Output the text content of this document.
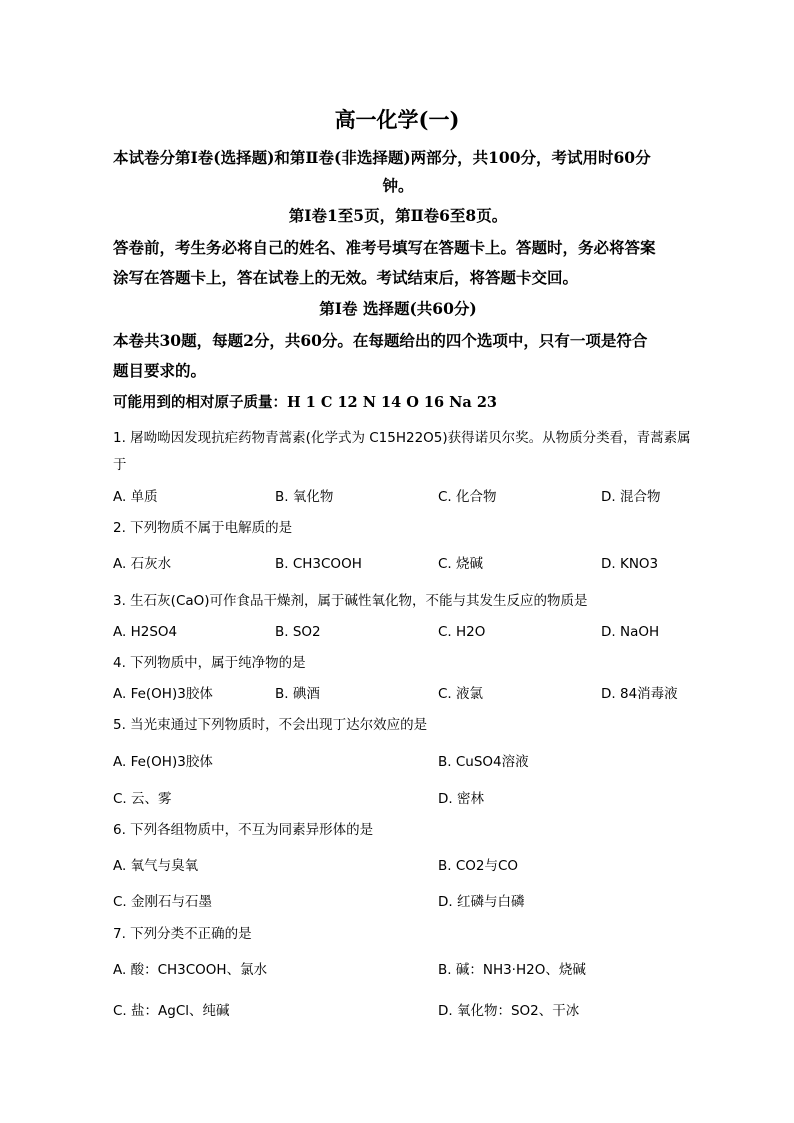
高一化学(一)
本试卷分第Ⅰ卷(选择题)和第Ⅱ卷(非选择题)两部分，共100分，考试用时60分
钟。
第Ⅰ卷1至5页，第Ⅱ卷6至8页。
答卷前，考生务必将自己的姓名、准考号填写在答题卡上。答题时，务必将答案
涂写在答题卡上，答在试卷上的无效。考试结束后，将答题卡交回。
第Ⅰ卷 选择题(共60分)
本卷共30题，每题2分，共60分。在每题给出的四个选项中，只有一项是符合
题目要求的。
可能用到的相对原子质量：H 1 C 12 N 14 O 16 Na 23
1. 屠呦呦因发现抗疟药物青蒿素(化学式为 C15H22O5)获得诺贝尔奖。从物质分类看，青蒿素属
于
A. 单质	B. 氧化物	C. 化合物	D. 混合物
2. 下列物质不属于电解质的是
A. 石灰水	B. CH3COOH	C. 烧碱	D. KNO3
3. 生石灰(CaO)可作食品干燥剂，属于碱性氧化物，不能与其发生反应的物质是
A. H2SO4	B. SO2	C. H2O	D. NaOH
4. 下列物质中，属于纯净物的是
A. Fe(OH)3胶体	B. 碘酒	C. 液氯	D. 84消毒液
5. 当光束通过下列物质时，不会出现丁达尔效应的是
A. Fe(OH)3胶体	B. CuSO4溶液
C. 云、雾	D. 密林
6. 下列各组物质中，不互为同素异形体的是
A. 氧气与臭氧	B. CO2与CO
C. 金刚石与石墨	D. 红磷与白磷
7. 下列分类不正确的是
A. 酸：CH3COOH、氯水	B. 碱：NH3·H2O、烧碱
C. 盐：AgCl、纯碱	D. 氧化物：SO2、干冰
